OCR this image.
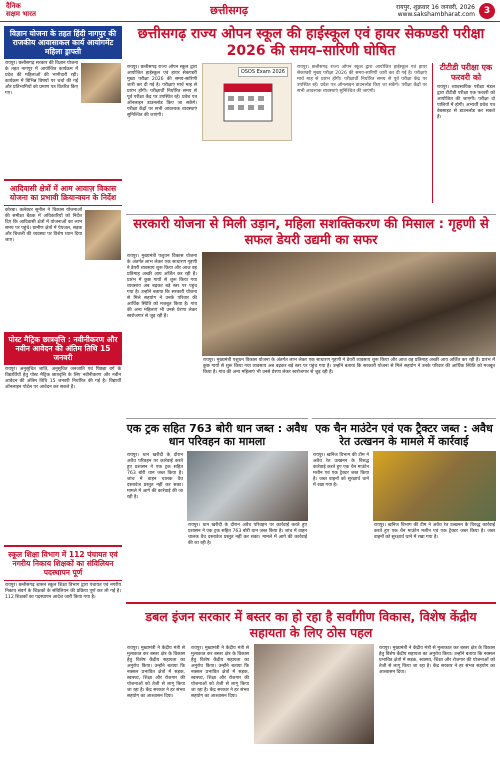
दैनिक
सक्षम भारत	छत्तीसगढ़	रायपुर, शुक्रवार 16 जनवरी, 2026
www.sakshambharat.com 3
विज्ञान योजना के तहत हिंदी नागपुर की राजकीय आवासाकल कार्य आयोगमेंट महिला ड्राफ्ती
रायपुर। छत्तीसगढ़ सरकार की विज्ञान योजना के तहत नागपुर में आयोजित कार्यक्रम में प्रदेश की महिलाओं की भागीदारी रही। कार्यक्रम में विभिन्न विषयों पर चर्चा की गई और प्रतिभागियों को प्रमाण पत्र वितरित किए गए।
आदिवासी क्षेत्रों में आम आवाज़ विकास योजना का प्रभावी क्रियान्वयन के निर्देश
कोरबा। कलेक्टर सुनील ने विकास योजनाओं की समीक्षा बैठक में अधिकारियों को निर्देश दिए कि आदिवासी क्षेत्रों में योजनाओं का लाभ समय पर पहुंचे। ग्रामीण क्षेत्रों में पेयजल, सड़क और बिजली की व्यवस्था पर विशेष ध्यान दिया जाए।
पोस्ट मैट्रिक छात्रवृत्ति : नवीनीकरण और नवीन आवेदन की अंतिम तिथि 15 जनवरी
रायपुर। अनुसूचित जाति, अनुसूचित जनजाति एवं पिछड़ा वर्ग के विद्यार्थियों हेतु पोस्ट मैट्रिक छात्रवृत्ति के लिए नवीनीकरण और नवीन आवेदन की अंतिम तिथि 15 जनवरी निर्धारित की गई है। विद्यार्थी ऑनलाइन पोर्टल पर आवेदन कर सकते हैं।
स्कूल शिक्षा विभाग में 112 पंचायत एवं नगरीय निकाय शिक्षकों का संविलियन पदस्थापन पूर्ण
रायपुर। छत्तीसगढ़ शासन स्कूल शिक्षा विभाग द्वारा पंचायत एवं नगरीय निकाय संवर्ग के शिक्षकों के संविलियन की प्रक्रिया पूर्ण कर ली गई है। 112 शिक्षकों का पदस्थापन आदेश जारी किया गया है।
छत्तीसगढ़ राज्य ओपन स्कूल की हाईस्कूल एवं हायर सेकण्डरी परीक्षा 2026 की समय–सारिणी घोषित
रायपुर। छत्तीसगढ़ राज्य ओपन स्कूल द्वारा आयोजित हाईस्कूल एवं हायर सेकण्डरी मुख्य परीक्षा 2026 की समय-सारिणी जारी कर दी गई है। परीक्षाएं मार्च माह से प्रारंभ होंगी। परीक्षार्थी निर्धारित समय से पूर्व परीक्षा केंद्र पर उपस्थित रहें। प्रवेश पत्र ऑनलाइन डाउनलोड किए जा सकेंगे। परीक्षा केंद्रों पर सभी आवश्यक व्यवस्थाएं सुनिश्चित की जाएंगी।
OSOS Exam 2026
रायपुर। छत्तीसगढ़ राज्य ओपन स्कूल द्वारा आयोजित हाईस्कूल एवं हायर सेकण्डरी मुख्य परीक्षा 2026 की समय-सारिणी जारी कर दी गई है। परीक्षाएं मार्च माह से प्रारंभ होंगी। परीक्षार्थी निर्धारित समय से पूर्व परीक्षा केंद्र पर उपस्थित रहें। प्रवेश पत्र ऑनलाइन डाउनलोड किए जा सकेंगे। परीक्षा केंद्रों पर सभी आवश्यक व्यवस्थाएं सुनिश्चित की जाएंगी।
टीटीडी परीक्षा एक फरवरी को
रायपुर। व्यावसायिक परीक्षा मंडल द्वारा टीटीडी परीक्षा एक फरवरी को आयोजित की जाएगी। परीक्षा दो पालियों में होगी। अभ्यर्थी प्रवेश पत्र वेबसाइट से डाउनलोड कर सकते हैं।
सरकारी योजना से मिली उड़ान, महिला सशक्तिकरण की मिसाल : गृहणी से सफल डेयरी उद्यमी का सफर
रायपुर। मुख्यमंत्री पशुधन विकास योजना के अंतर्गत लाभ लेकर एक साधारण गृहणी ने डेयरी व्यवसाय शुरू किया और आज वह प्रतिमाह अच्छी आय अर्जित कर रही हैं। प्रारंभ में कुछ गायों से शुरू किया गया व्यवसाय अब बढ़कर बड़े स्तर पर पहुंच गया है। उन्होंने बताया कि सरकारी योजना से मिले सहयोग ने उनके परिवार की आर्थिक स्थिति को मजबूत किया है। गांव की अन्य महिलाएं भी उनसे प्रेरणा लेकर स्वरोजगार से जुड़ रही हैं।
रायपुर। मुख्यमंत्री पशुधन विकास योजना के अंतर्गत लाभ लेकर एक साधारण गृहणी ने डेयरी व्यवसाय शुरू किया और आज वह प्रतिमाह अच्छी आय अर्जित कर रही हैं। प्रारंभ में कुछ गायों से शुरू किया गया व्यवसाय अब बढ़कर बड़े स्तर पर पहुंच गया है। उन्होंने बताया कि सरकारी योजना से मिले सहयोग ने उनके परिवार की आर्थिक स्थिति को मजबूत किया है। गांव की अन्य महिलाएं भी उनसे प्रेरणा लेकर स्वरोजगार से जुड़ रही हैं।
एक ट्रक सहित 763 बोरी धान जब्त : अवैध धान परिवहन का मामला
रायपुर। धान खरीदी के दौरान अवैध परिवहन पर कार्रवाई करते हुए प्रशासन ने एक ट्रक सहित 763 बोरी धान जब्त किया है। जांच में वाहन चालक वैध दस्तावेज प्रस्तुत नहीं कर सका। मामले में आगे की कार्रवाई की जा रही है।
रायपुर। धान खरीदी के दौरान अवैध परिवहन पर कार्रवाई करते हुए प्रशासन ने एक ट्रक सहित 763 बोरी धान जब्त किया है। जांच में वाहन चालक वैध दस्तावेज प्रस्तुत नहीं कर सका। मामले में आगे की कार्रवाई की जा रही है।
एक चैन माउंटेन एवं एक ट्रैक्टर जब्त : अवैध रेत उत्खनन के मामले में कार्रवाई
रायपुर। खनिज विभाग की टीम ने अवैध रेत उत्खनन के विरुद्ध कार्रवाई करते हुए एक चैन माउंटेन मशीन एवं एक ट्रैक्टर जब्त किया है। जब्त वाहनों को सुरक्षार्थ थाने में रखा गया है।
रायपुर। खनिज विभाग की टीम ने अवैध रेत उत्खनन के विरुद्ध कार्रवाई करते हुए एक चैन माउंटेन मशीन एवं एक ट्रैक्टर जब्त किया है। जब्त वाहनों को सुरक्षार्थ थाने में रखा गया है।
डबल इंजन सरकार में बस्तर का हो रहा है सर्वांगीण विकास, विशेष केंद्रीय सहायता के लिए ठोस पहल
रायपुर। मुख्यमंत्री ने केंद्रीय मंत्री से मुलाकात कर बस्तर क्षेत्र के विकास हेतु विशेष केंद्रीय सहायता का अनुरोध किया। उन्होंने बताया कि नक्सल प्रभावित क्षेत्रों में सड़क, स्वास्थ्य, शिक्षा और रोजगार की योजनाओं को तेजी से लागू किया जा रहा है। केंद्र सरकार ने हर संभव सहयोग का आश्वासन दिया।
रायपुर। मुख्यमंत्री ने केंद्रीय मंत्री से मुलाकात कर बस्तर क्षेत्र के विकास हेतु विशेष केंद्रीय सहायता का अनुरोध किया। उन्होंने बताया कि नक्सल प्रभावित क्षेत्रों में सड़क, स्वास्थ्य, शिक्षा और रोजगार की योजनाओं को तेजी से लागू किया जा रहा है। केंद्र सरकार ने हर संभव सहयोग का आश्वासन दिया।
रायपुर। मुख्यमंत्री ने केंद्रीय मंत्री से मुलाकात कर बस्तर क्षेत्र के विकास हेतु विशेष केंद्रीय सहायता का अनुरोध किया। उन्होंने बताया कि नक्सल प्रभावित क्षेत्रों में सड़क, स्वास्थ्य, शिक्षा और रोजगार की योजनाओं को तेजी से लागू किया जा रहा है। केंद्र सरकार ने हर संभव सहयोग का आश्वासन दिया।
